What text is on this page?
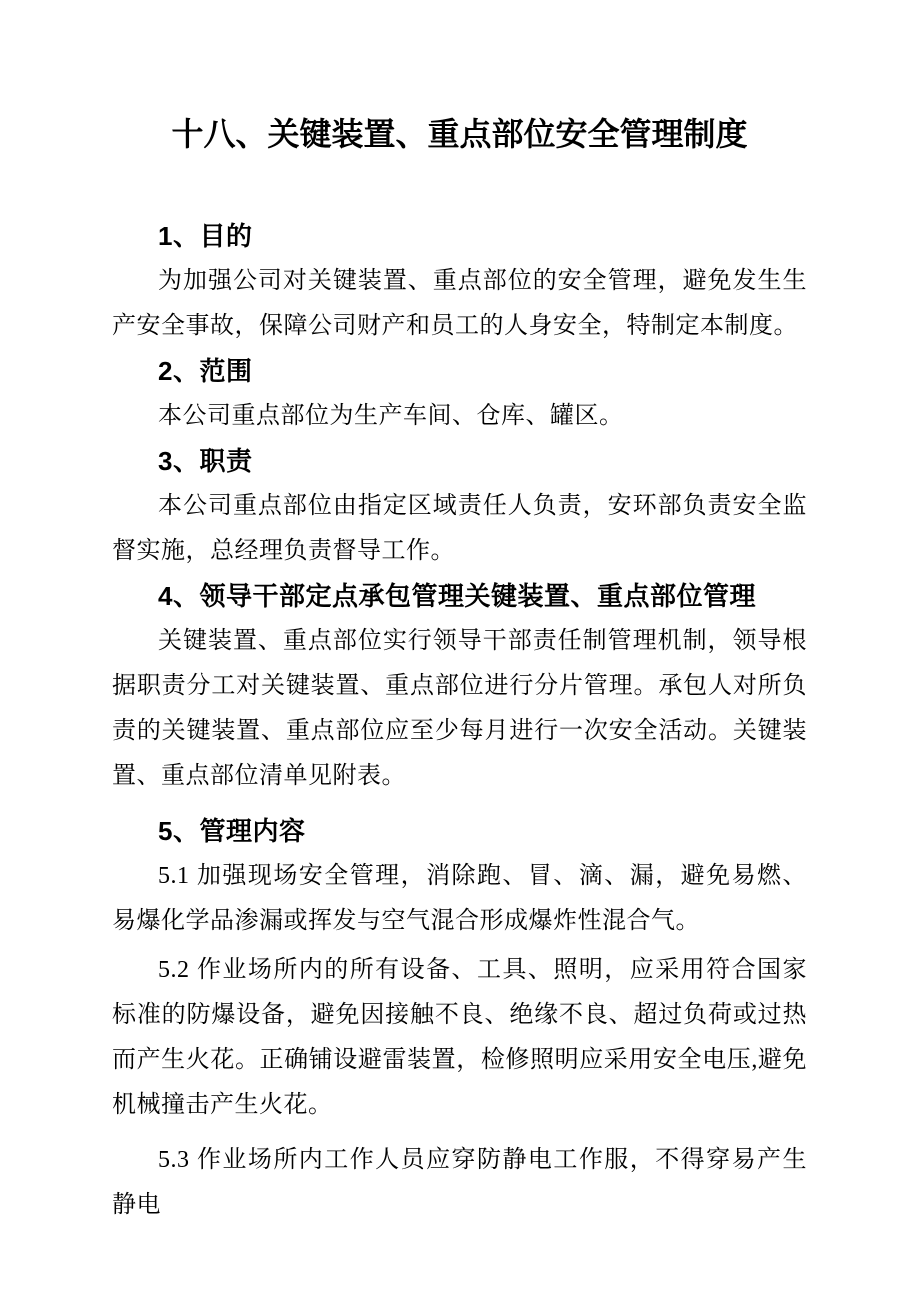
十八、关键装置、重点部位安全管理制度
1、目的
为加强公司对关键装置、重点部位的安全管理，避免发生生产安全事故，保障公司财产和员工的人身安全，特制定本制度。
2、范围
本公司重点部位为生产车间、仓库、罐区。
3、职责
本公司重点部位由指定区域责任人负责，安环部负责安全监督实施，总经理负责督导工作。
4、领导干部定点承包管理关键装置、重点部位管理
关键装置、重点部位实行领导干部责任制管理机制，领导根据职责分工对关键装置、重点部位进行分片管理。承包人对所负责的关键装置、重点部位应至少每月进行一次安全活动。关键装置、重点部位清单见附表。
5、管理内容
5.1 加强现场安全管理，消除跑、冒、滴、漏，避免易燃、易爆化学品渗漏或挥发与空气混合形成爆炸性混合气。
5.2 作业场所内的所有设备、工具、照明，应采用符合国家标准的防爆设备，避免因接触不良、绝缘不良、超过负荷或过热而产生火花。正确铺设避雷装置，检修照明应采用安全电压,避免机械撞击产生火花。
5.3 作业场所内工作人员应穿防静电工作服，不得穿易产生静电
